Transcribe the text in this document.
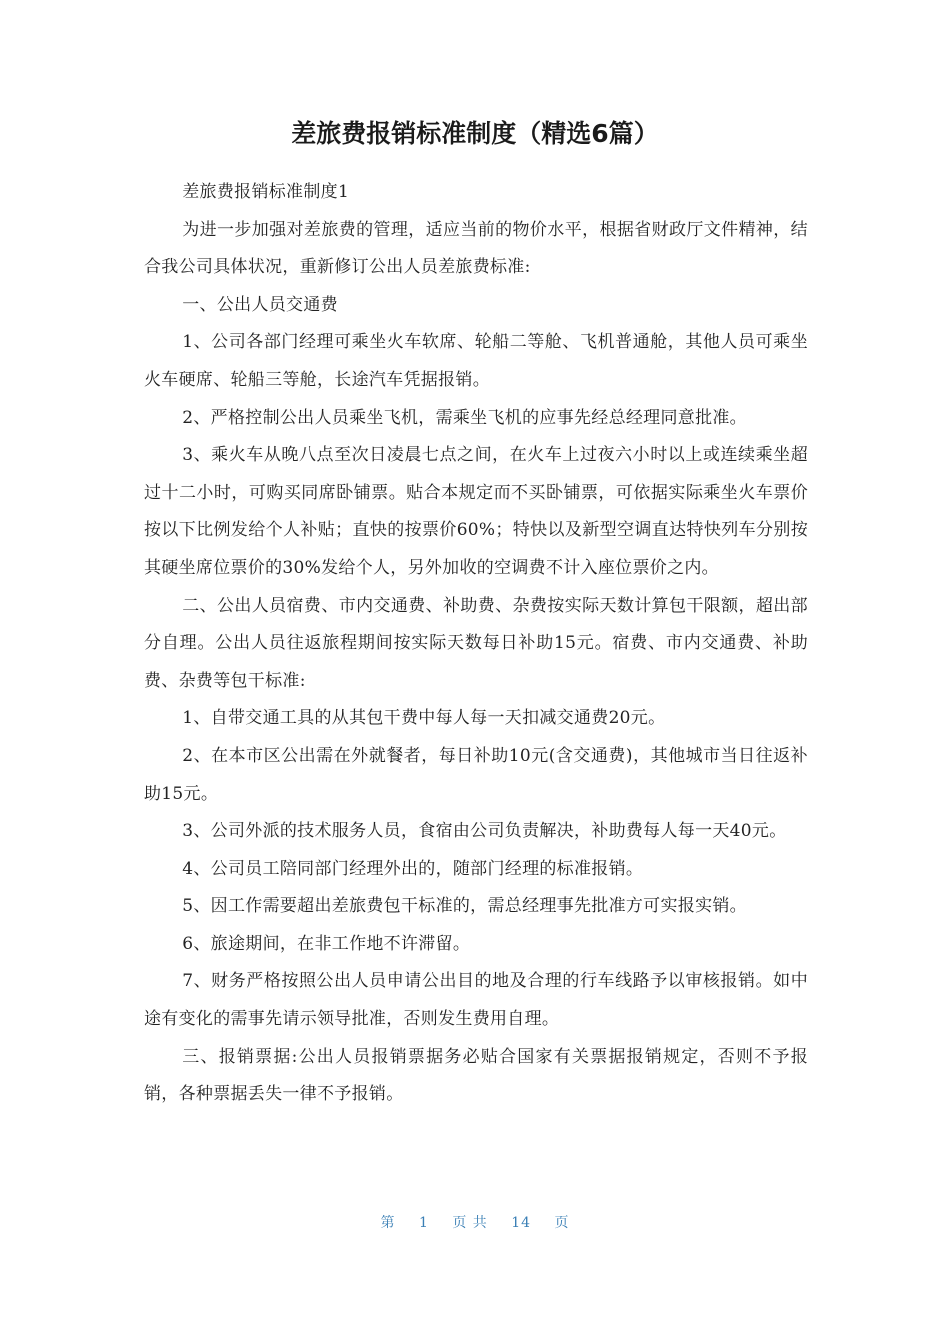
差旅费报销标准制度（精选6篇）

差旅费报销标准制度1

为进一步加强对差旅费的管理，适应当前的物价水平，根据省财政厅文件精神，结合我公司具体状况，重新修订公出人员差旅费标准:

一、公出人员交通费

1、公司各部门经理可乘坐火车软席、轮船二等舱、飞机普通舱，其他人员可乘坐火车硬席、轮船三等舱，长途汽车凭据报销。

2、严格控制公出人员乘坐飞机，需乘坐飞机的应事先经总经理同意批准。

3、乘火车从晚八点至次日凌晨七点之间，在火车上过夜六小时以上或连续乘坐超过十二小时，可购买同席卧铺票。贴合本规定而不买卧铺票，可依据实际乘坐火车票价按以下比例发给个人补贴；直快的按票价60%；特快以及新型空调直达特快列车分别按其硬坐席位票价的30%发给个人，另外加收的空调费不计入座位票价之内。

二、公出人员宿费、市内交通费、补助费、杂费按实际天数计算包干限额，超出部分自理。公出人员往返旅程期间按实际天数每日补助15元。宿费、市内交通费、补助费、杂费等包干标准:

1、自带交通工具的从其包干费中每人每一天扣减交通费20元。

2、在本市区公出需在外就餐者，每日补助10元(含交通费)，其他城市当日往返补助15元。

3、公司外派的技术服务人员，食宿由公司负责解决，补助费每人每一天40元。

4、公司员工陪同部门经理外出的，随部门经理的标准报销。

5、因工作需要超出差旅费包干标准的，需总经理事先批准方可实报实销。

6、旅途期间，在非工作地不许滞留。

7、财务严格按照公出人员申请公出目的地及合理的行车线路予以审核报销。如中途有变化的需事先请示领导批准，否则发生费用自理。

三、报销票据:公出人员报销票据务必贴合国家有关票据报销规定，否则不予报销，各种票据丢失一律不予报销。

第 1 页 共 14 页
